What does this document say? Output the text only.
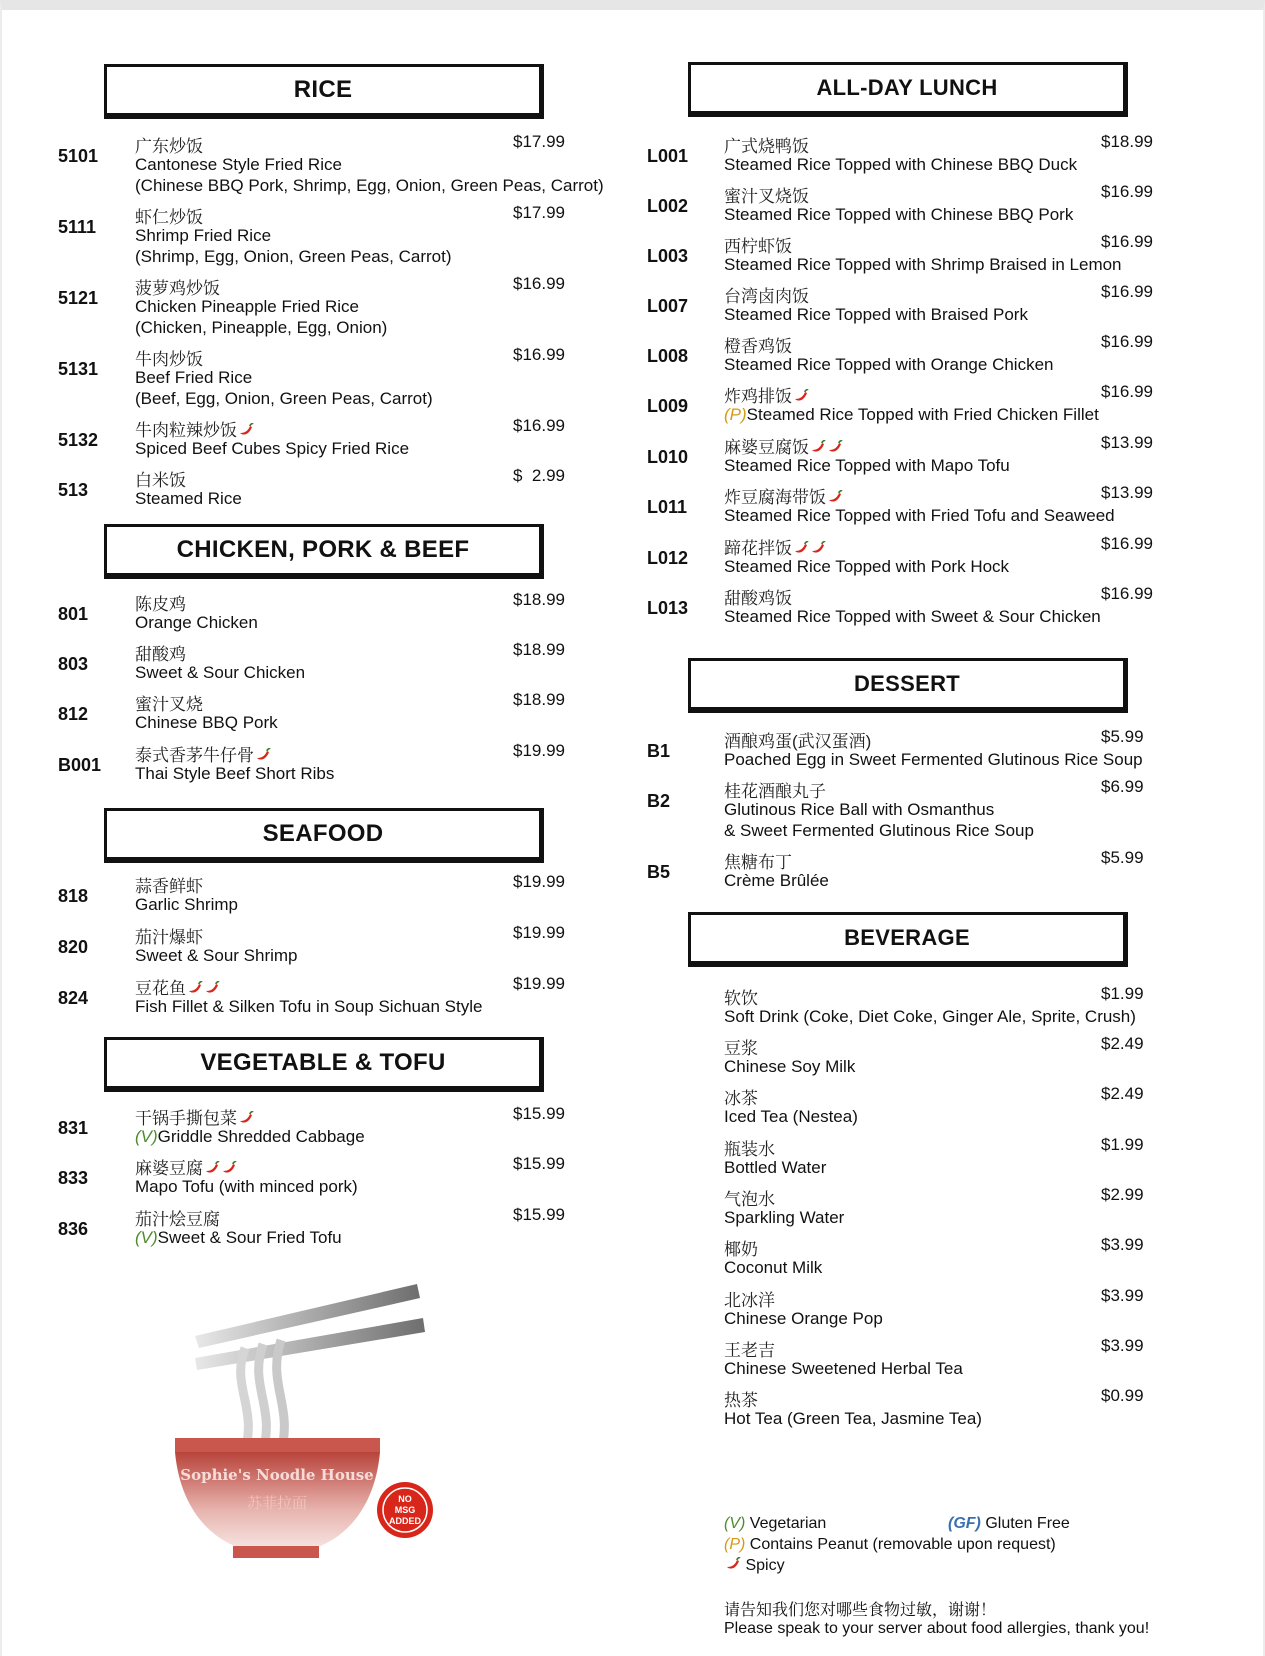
RICE
5101 广东炒饭
Cantonese Style Fried Rice
(Chinese BBQ Pork, Shrimp, Egg, Onion, Green Peas, Carrot)
$17.99
5111 虾仁炒饭
Shrimp Fried Rice
(Shrimp, Egg, Onion, Green Peas, Carrot)
$17.99
5121 菠萝鸡炒饭
Chicken Pineapple Fried Rice
(Chicken, Pineapple, Egg, Onion)
$16.99
5131 牛肉炒饭
Beef Fried Rice
(Beef, Egg, Onion, Green Peas, Carrot)
$16.99
5132 牛肉粒辣炒饭
Spiced Beef Cubes Spicy Fried Rice
$16.99
513	白米饭
Steamed Rice
$  2.99
CHICKEN, PORK & BEEF
801	陈皮鸡
Orange Chicken
$18.99
803	甜酸鸡
Sweet & Sour Chicken
$18.99
812	蜜汁叉烧
Chinese BBQ Pork
$18.99
B001 泰式香茅牛仔骨
Thai Style Beef Short Ribs
$19.99
SEAFOOD
818	蒜香鲜虾
Garlic Shrimp
$19.99
820	茄汁爆虾
Sweet & Sour Shrimp
$19.99
824	豆花鱼
Fish Fillet & Silken Tofu in Soup Sichuan Style
$19.99
VEGETABLE & TOFU
831	干锅手撕包菜
(V)Griddle Shredded Cabbage
$15.99
833	麻婆豆腐
Mapo Tofu (with minced pork)
$15.99
836	茄汁烩豆腐
(V)Sweet & Sour Fried Tofu
$15.99
Sophie's Noodle House
苏菲拉面	NO
MSG
ADDED
ALL-DAY LUNCH
L001 广式烧鸭饭
Steamed Rice Topped with Chinese BBQ Duck
$18.99
L002 蜜汁叉烧饭
Steamed Rice Topped with Chinese BBQ Pork
$16.99
L003 西柠虾饭
Steamed Rice Topped with Shrimp Braised in Lemon
$16.99
L007 台湾卤肉饭
Steamed Rice Topped with Braised Pork
$16.99
L008 橙香鸡饭
Steamed Rice Topped with Orange Chicken
$16.99
L009 炸鸡排饭
(P)Steamed Rice Topped with Fried Chicken Fillet
$16.99
L010 麻婆豆腐饭
Steamed Rice Topped with Mapo Tofu
$13.99
L011 炸豆腐海带饭
Steamed Rice Topped with Fried Tofu and Seaweed
$13.99
L012 蹄花拌饭
Steamed Rice Topped with Pork Hock
$16.99
L013 甜酸鸡饭
Steamed Rice Topped with Sweet & Sour Chicken
$16.99
DESSERT
B1	酒酿鸡蛋(武汉蛋酒)
Poached Egg in Sweet Fermented Glutinous Rice Soup
$5.99
B2	桂花酒酿丸子
Glutinous Rice Ball with Osmanthus
& Sweet Fermented Glutinous Rice Soup
$6.99
B5	焦糖布丁
Crème Brûlée
$5.99
BEVERAGE
软饮
Soft Drink (Coke, Diet Coke, Ginger Ale, Sprite, Crush)
$1.99
豆浆
Chinese Soy Milk
$2.49
冰茶
Iced Tea (Nestea)
$2.49
瓶装水
Bottled Water
$1.99
气泡水
Sparkling Water
$2.99
椰奶
Coconut Milk
$3.99
北冰洋
Chinese Orange Pop
$3.99
王老吉
Chinese Sweetened Herbal Tea
$3.99
热茶
Hot Tea (Green Tea, Jasmine Tea)
$0.99
(V) Vegetarian	(GF) Gluten Free
(P) Contains Peanut (removable upon request)
Spicy
请告知我们您对哪些食物过敏，谢谢！
Please speak to your server about food allergies, thank you!
